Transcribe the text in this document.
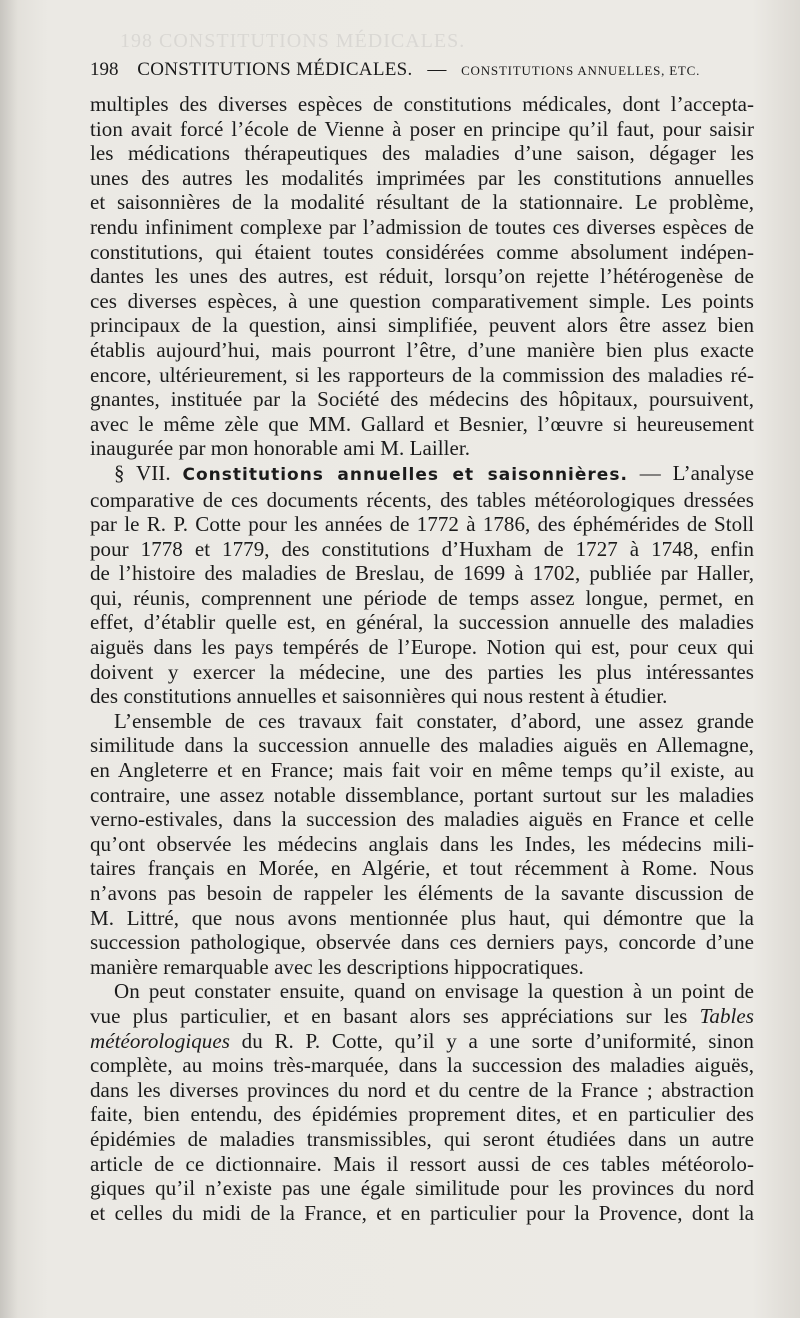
198 CONSTITUTIONS MÉDICALES.
198 CONSTITUTIONS MÉDICALES. — CONSTITUTIONS ANNUELLES, ETC.
multiples des diverses espèces de constitutions médicales, dont l’accepta-
tion avait forcé l’école de Vienne à poser en principe qu’il faut, pour saisir
les médications thérapeutiques des maladies d’une saison, dégager les
unes des autres les modalités imprimées par les constitutions annuelles
et saisonnières de la modalité résultant de la stationnaire. Le problème,
rendu infiniment complexe par l’admission de toutes ces diverses espèces de
constitutions, qui étaient toutes considérées comme absolument indépen-
dantes les unes des autres, est réduit, lorsqu’on rejette l’hétérogenèse de
ces diverses espèces, à une question comparativement simple. Les points
principaux de la question, ainsi simplifiée, peuvent alors être assez bien
établis aujourd’hui, mais pourront l’être, d’une manière bien plus exacte
encore, ultérieurement, si les rapporteurs de la commission des maladies ré-
gnantes, instituée par la Société des médecins des hôpitaux, poursuivent,
avec le même zèle que MM. Gallard et Besnier, l’œuvre si heureusement
inaugurée par mon honorable ami M. Lailler.
§ VII. Constitutions annuelles et saisonnières. — L’analyse
comparative de ces documents récents, des tables météorologiques dressées
par le R. P. Cotte pour les années de 1772 à 1786, des éphémérides de Stoll
pour 1778 et 1779, des constitutions d’Huxham de 1727 à 1748, enfin
de l’histoire des maladies de Breslau, de 1699 à 1702, publiée par Haller,
qui, réunis, comprennent une période de temps assez longue, permet, en
effet, d’établir quelle est, en général, la succession annuelle des maladies
aiguës dans les pays tempérés de l’Europe. Notion qui est, pour ceux qui
doivent y exercer la médecine, une des parties les plus intéressantes
des constitutions annuelles et saisonnières qui nous restent à étudier.
L’ensemble de ces travaux fait constater, d’abord, une assez grande
similitude dans la succession annuelle des maladies aiguës en Allemagne,
en Angleterre et en France; mais fait voir en même temps qu’il existe, au
contraire, une assez notable dissemblance, portant surtout sur les maladies
verno-estivales, dans la succession des maladies aiguës en France et celle
qu’ont observée les médecins anglais dans les Indes, les médecins mili-
taires français en Morée, en Algérie, et tout récemment à Rome. Nous
n’avons pas besoin de rappeler les éléments de la savante discussion de
M. Littré, que nous avons mentionnée plus haut, qui démontre que la
succession pathologique, observée dans ces derniers pays, concorde d’une
manière remarquable avec les descriptions hippocratiques.
On peut constater ensuite, quand on envisage la question à un point de
vue plus particulier, et en basant alors ses appréciations sur les Tables
météorologiques du R. P. Cotte, qu’il y a une sorte d’uniformité, sinon
complète, au moins très-marquée, dans la succession des maladies aiguës,
dans les diverses provinces du nord et du centre de la France ; abstraction
faite, bien entendu, des épidémies proprement dites, et en particulier des
épidémies de maladies transmissibles, qui seront étudiées dans un autre
article de ce dictionnaire. Mais il ressort aussi de ces tables météorolo-
giques qu’il n’existe pas une égale similitude pour les provinces du nord
et celles du midi de la France, et en particulier pour la Provence, dont la
